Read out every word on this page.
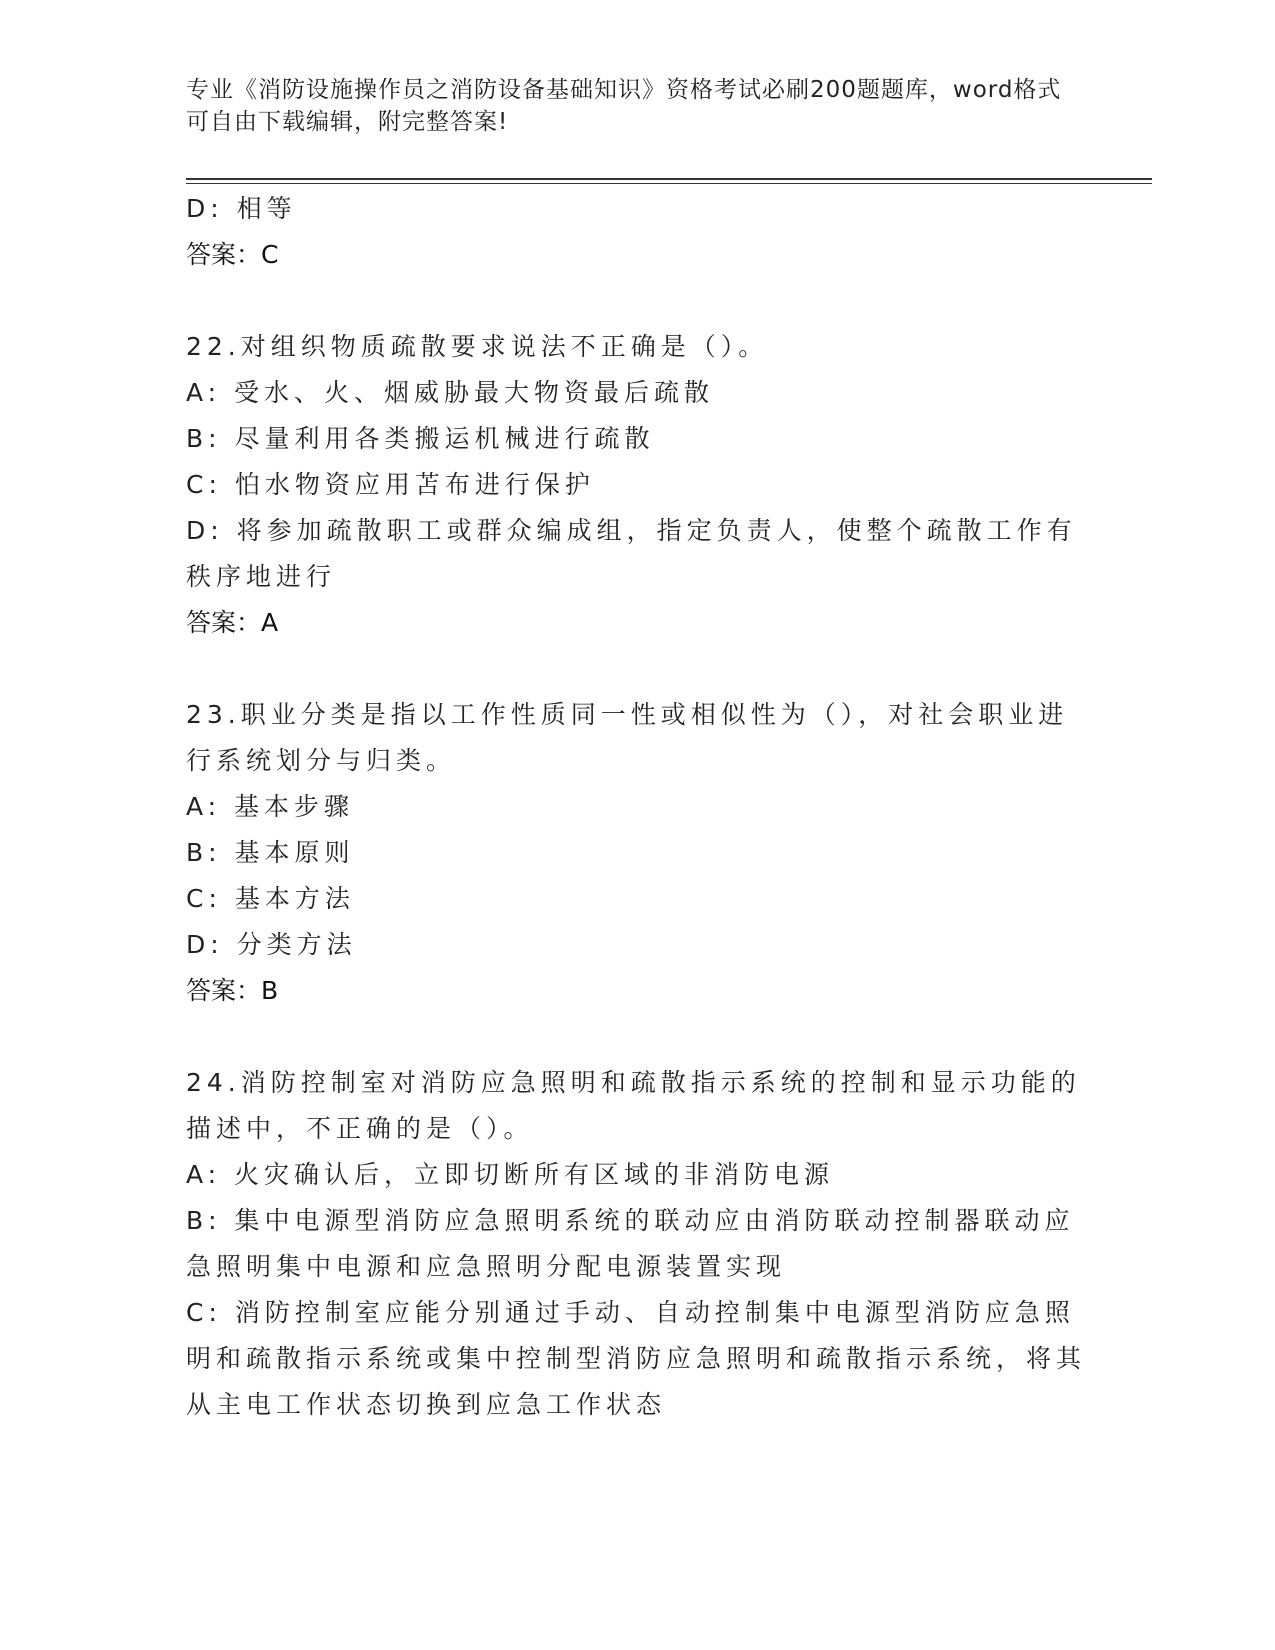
专业《消防设施操作员之消防设备基础知识》资格考试必刷200题题库，word格式可自由下载编辑，附完整答案!
D: 相等
答案：C
22.对组织物质疏散要求说法不正确是（）。
A: 受水、火、烟威胁最大物资最后疏散
B: 尽量利用各类搬运机械进行疏散
C: 怕水物资应用苫布进行保护
D: 将参加疏散职工或群众编成组，指定负责人，使整个疏散工作有秩序地进行
答案：A
23.职业分类是指以工作性质同一性或相似性为（），对社会职业进行系统划分与归类。
A: 基本步骤
B: 基本原则
C: 基本方法
D: 分类方法
答案：B
24.消防控制室对消防应急照明和疏散指示系统的控制和显示功能的描述中，不正确的是（）。
A: 火灾确认后，立即切断所有区域的非消防电源
B: 集中电源型消防应急照明系统的联动应由消防联动控制器联动应急照明集中电源和应急照明分配电源装置实现
C: 消防控制室应能分别通过手动、自动控制集中电源型消防应急照明和疏散指示系统或集中控制型消防应急照明和疏散指示系统，将其从主电工作状态切换到应急工作状态
